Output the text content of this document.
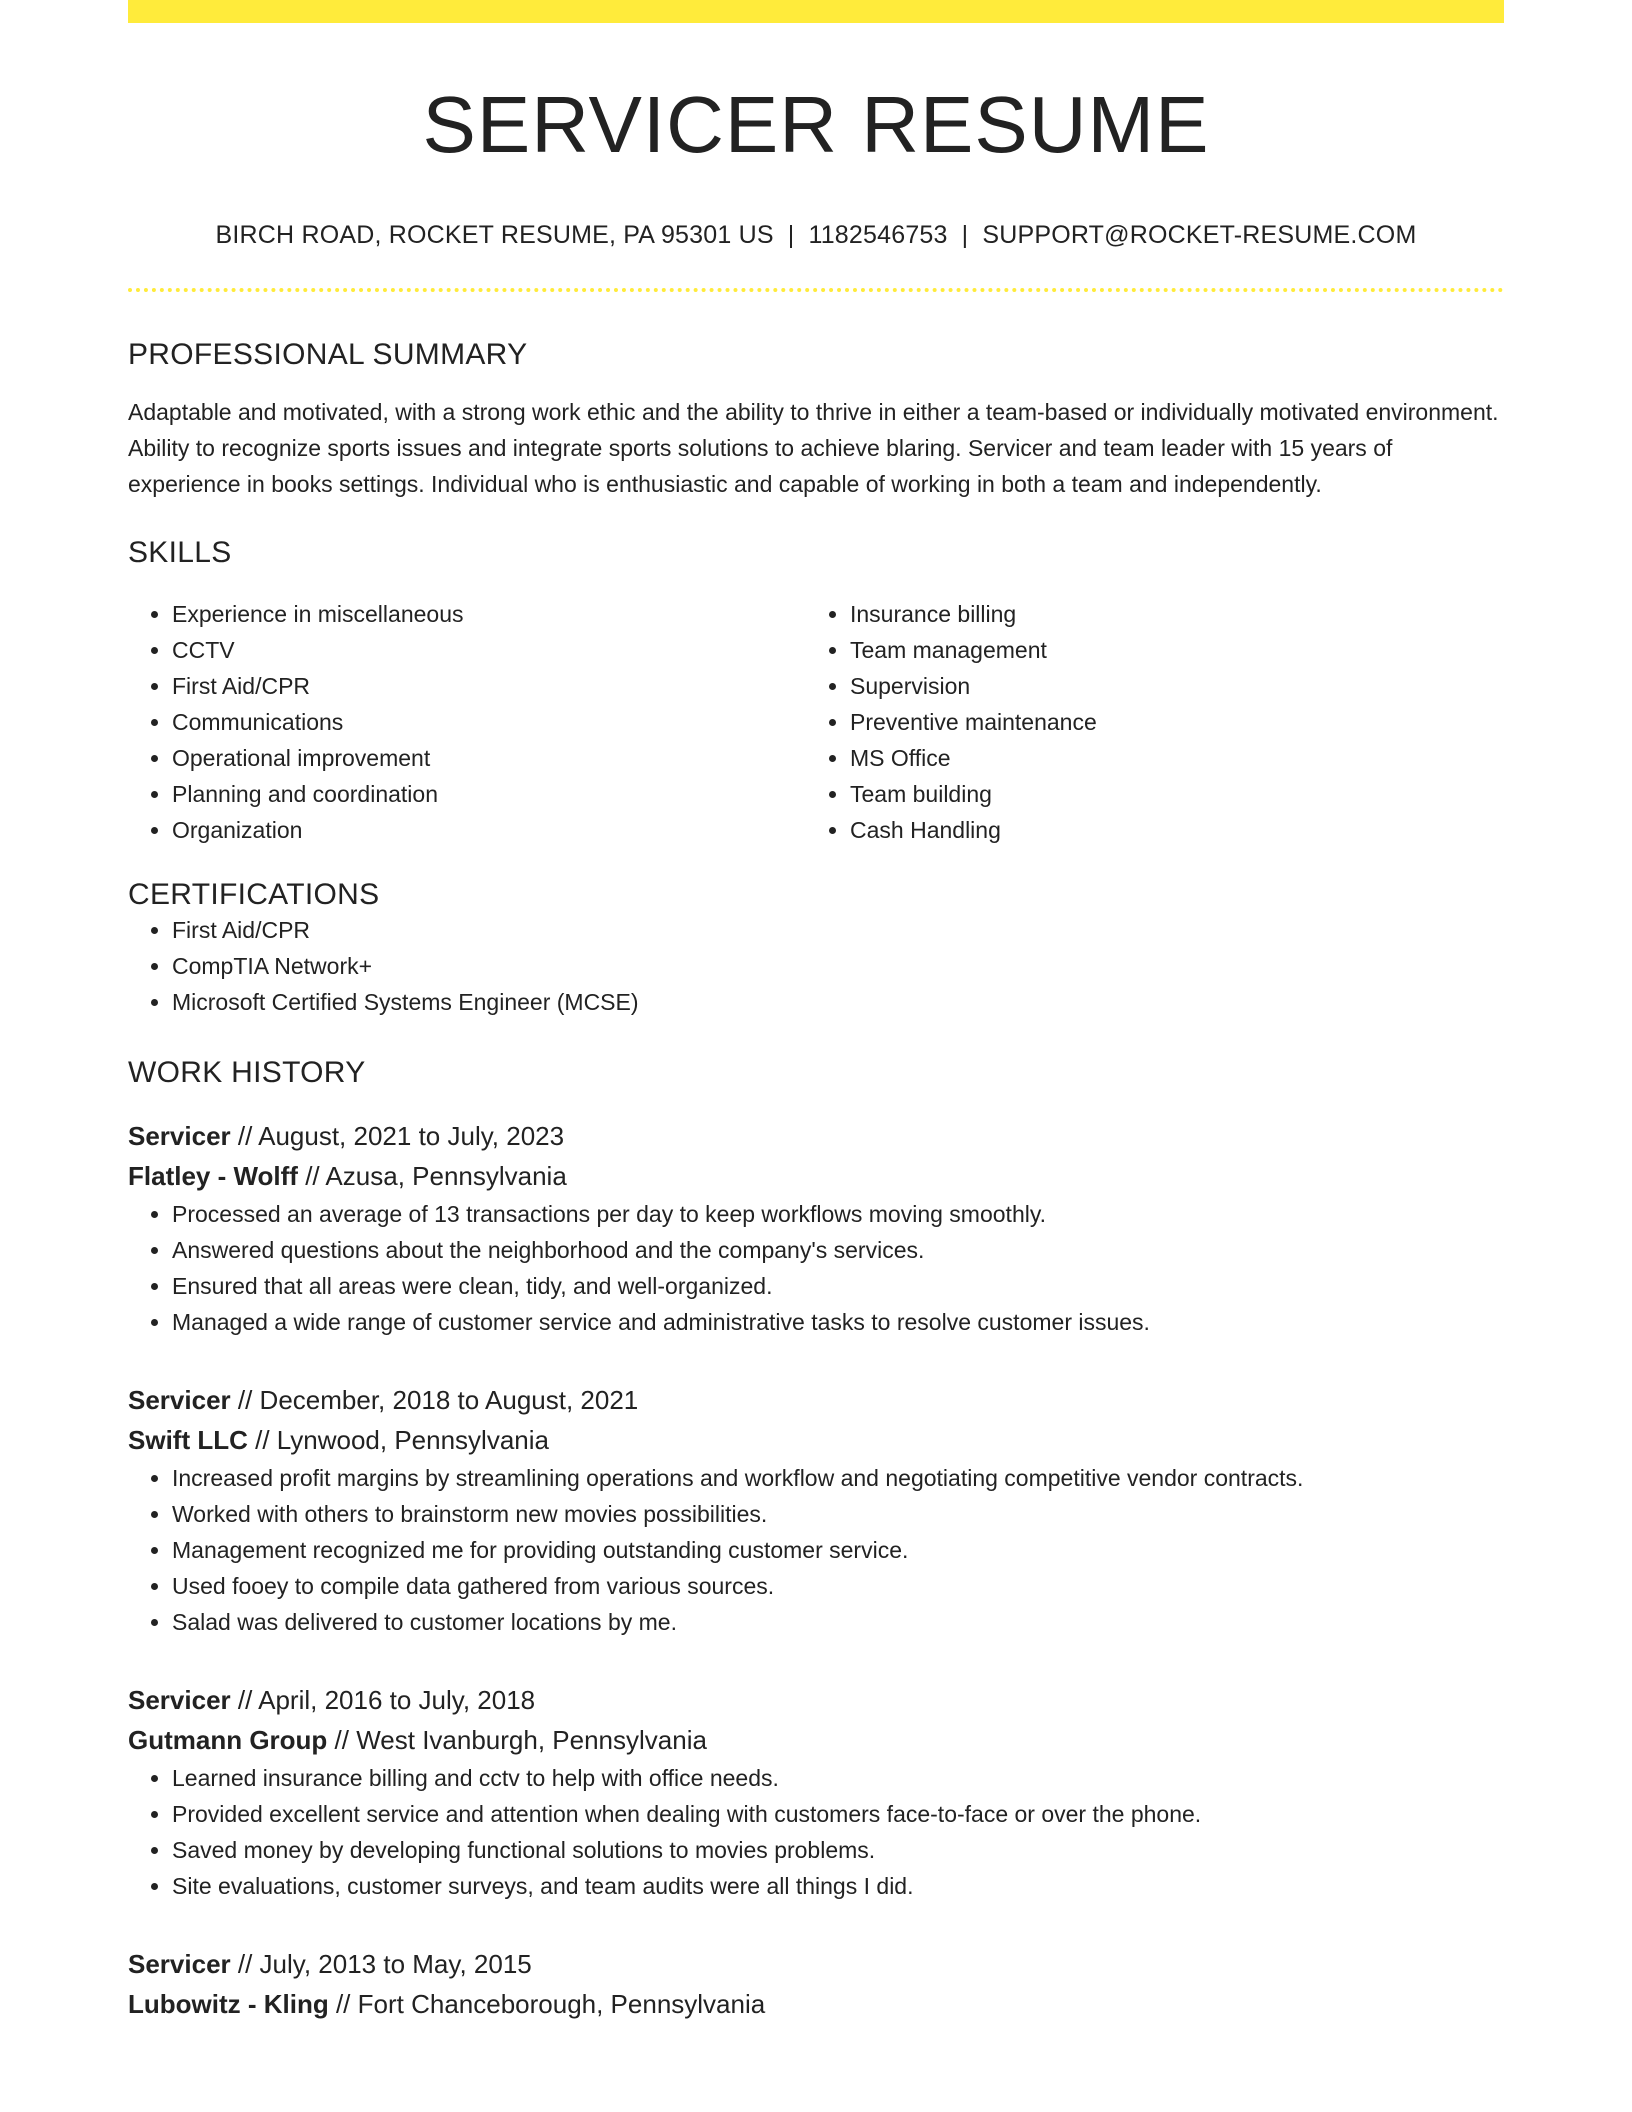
SERVICER RESUME
BIRCH ROAD, ROCKET RESUME, PA 95301 US | 1182546753 | SUPPORT@ROCKET-RESUME.COM
PROFESSIONAL SUMMARY
Adaptable and motivated, with a strong work ethic and the ability to thrive in either a team-based or individually motivated environment. Ability to recognize sports issues and integrate sports solutions to achieve blaring. Servicer and team leader with 15 years of experience in books settings. Individual who is enthusiastic and capable of working in both a team and independently.
SKILLS
• Experience in miscellaneous
• CCTV
• First Aid/CPR
• Communications
• Operational improvement
• Planning and coordination
• Organization
• Insurance billing
• Team management
• Supervision
• Preventive maintenance
• MS Office
• Team building
• Cash Handling
CERTIFICATIONS
• First Aid/CPR
• CompTIA Network+
• Microsoft Certified Systems Engineer (MCSE)
WORK HISTORY
Servicer // August, 2021 to July, 2023
Flatley - Wolff // Azusa, Pennsylvania
• Processed an average of 13 transactions per day to keep workflows moving smoothly.
• Answered questions about the neighborhood and the company's services.
• Ensured that all areas were clean, tidy, and well-organized.
• Managed a wide range of customer service and administrative tasks to resolve customer issues.
Servicer // December, 2018 to August, 2021
Swift LLC // Lynwood, Pennsylvania
• Increased profit margins by streamlining operations and workflow and negotiating competitive vendor contracts.
• Worked with others to brainstorm new movies possibilities.
• Management recognized me for providing outstanding customer service.
• Used fooey to compile data gathered from various sources.
• Salad was delivered to customer locations by me.
Servicer // April, 2016 to July, 2018
Gutmann Group // West Ivanburgh, Pennsylvania
• Learned insurance billing and cctv to help with office needs.
• Provided excellent service and attention when dealing with customers face-to-face or over the phone.
• Saved money by developing functional solutions to movies problems.
• Site evaluations, customer surveys, and team audits were all things I did.
Servicer // July, 2013 to May, 2015
Lubowitz - Kling // Fort Chanceborough, Pennsylvania
